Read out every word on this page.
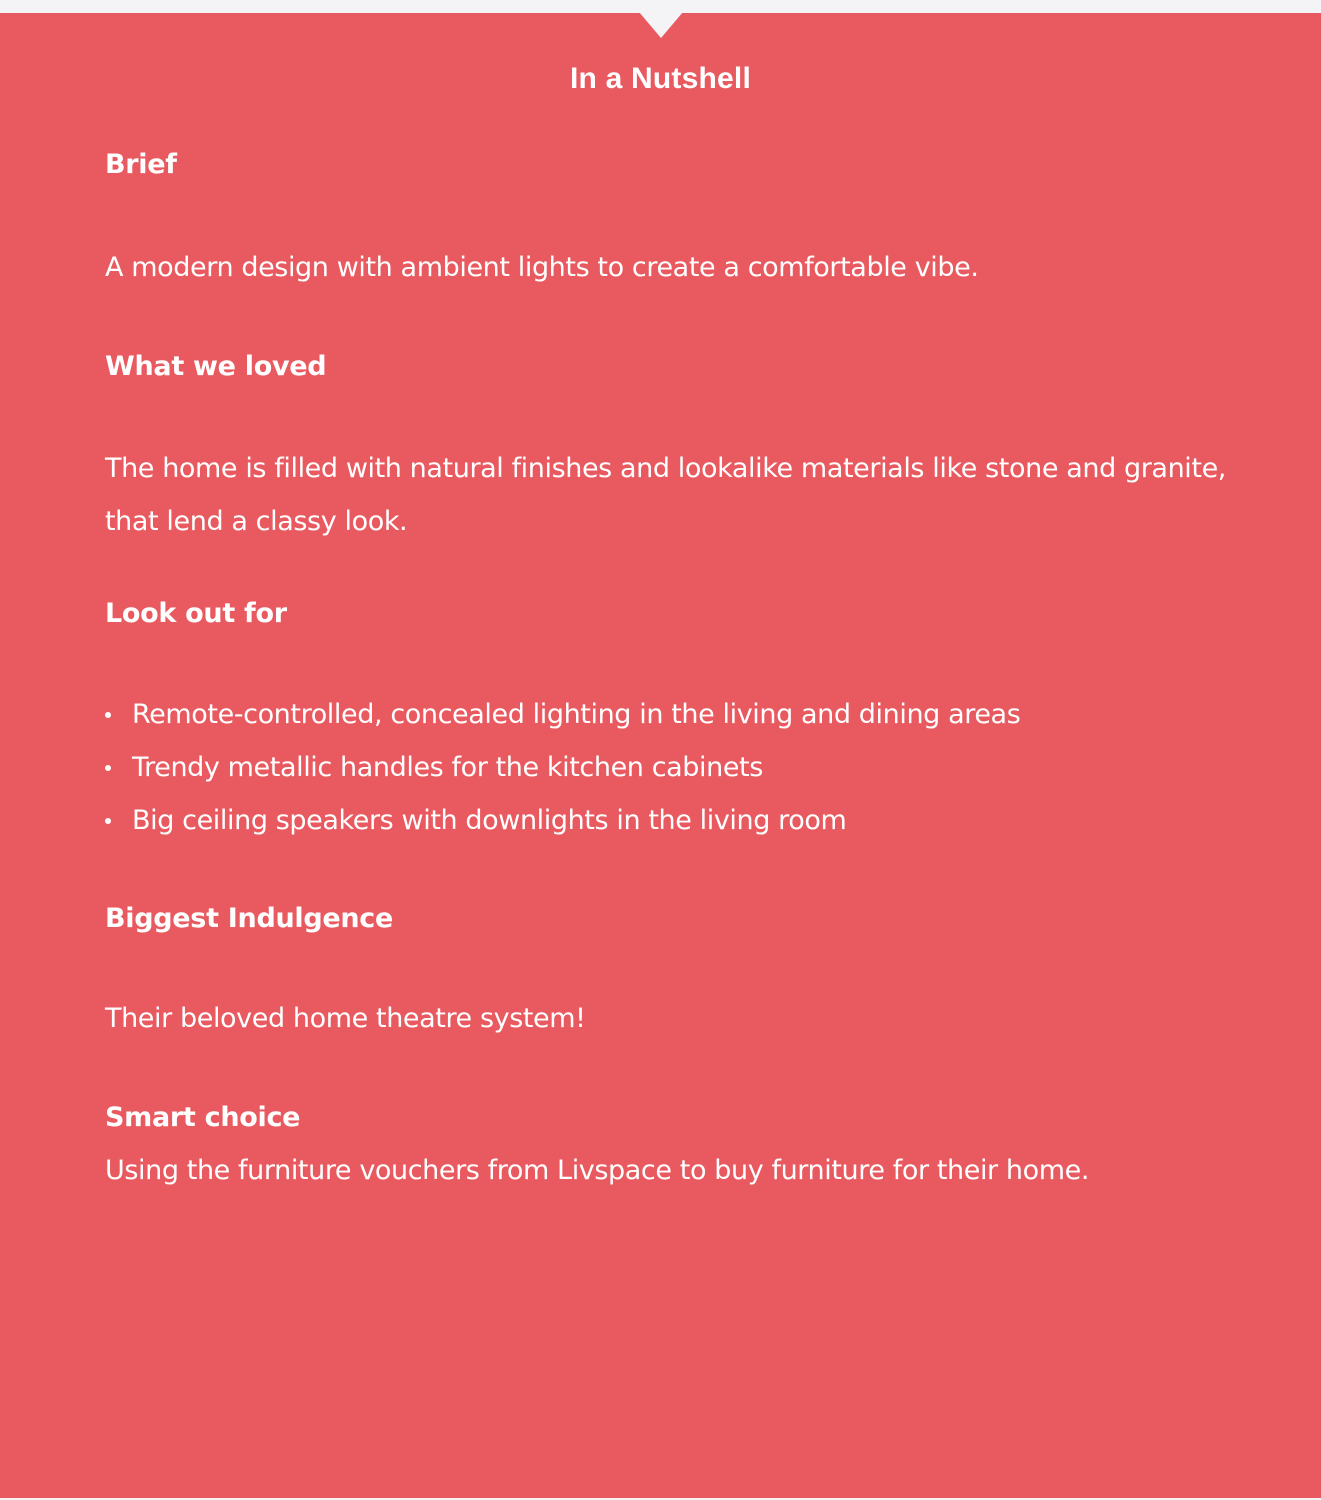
In a Nutshell
Brief

A modern design with ambient lights to create a comfortable vibe.

What we loved

The home is filled with natural finishes and lookalike materials like stone and granite, that lend a classy look.

Look out for
Remote-controlled, concealed lighting in the living and dining areas
Trendy metallic handles for the kitchen cabinets
Big ceiling speakers with downlights in the living room
Biggest Indulgence

Their beloved home theatre system!

Smart choice

Using the furniture vouchers from Livspace to buy furniture for their home.
